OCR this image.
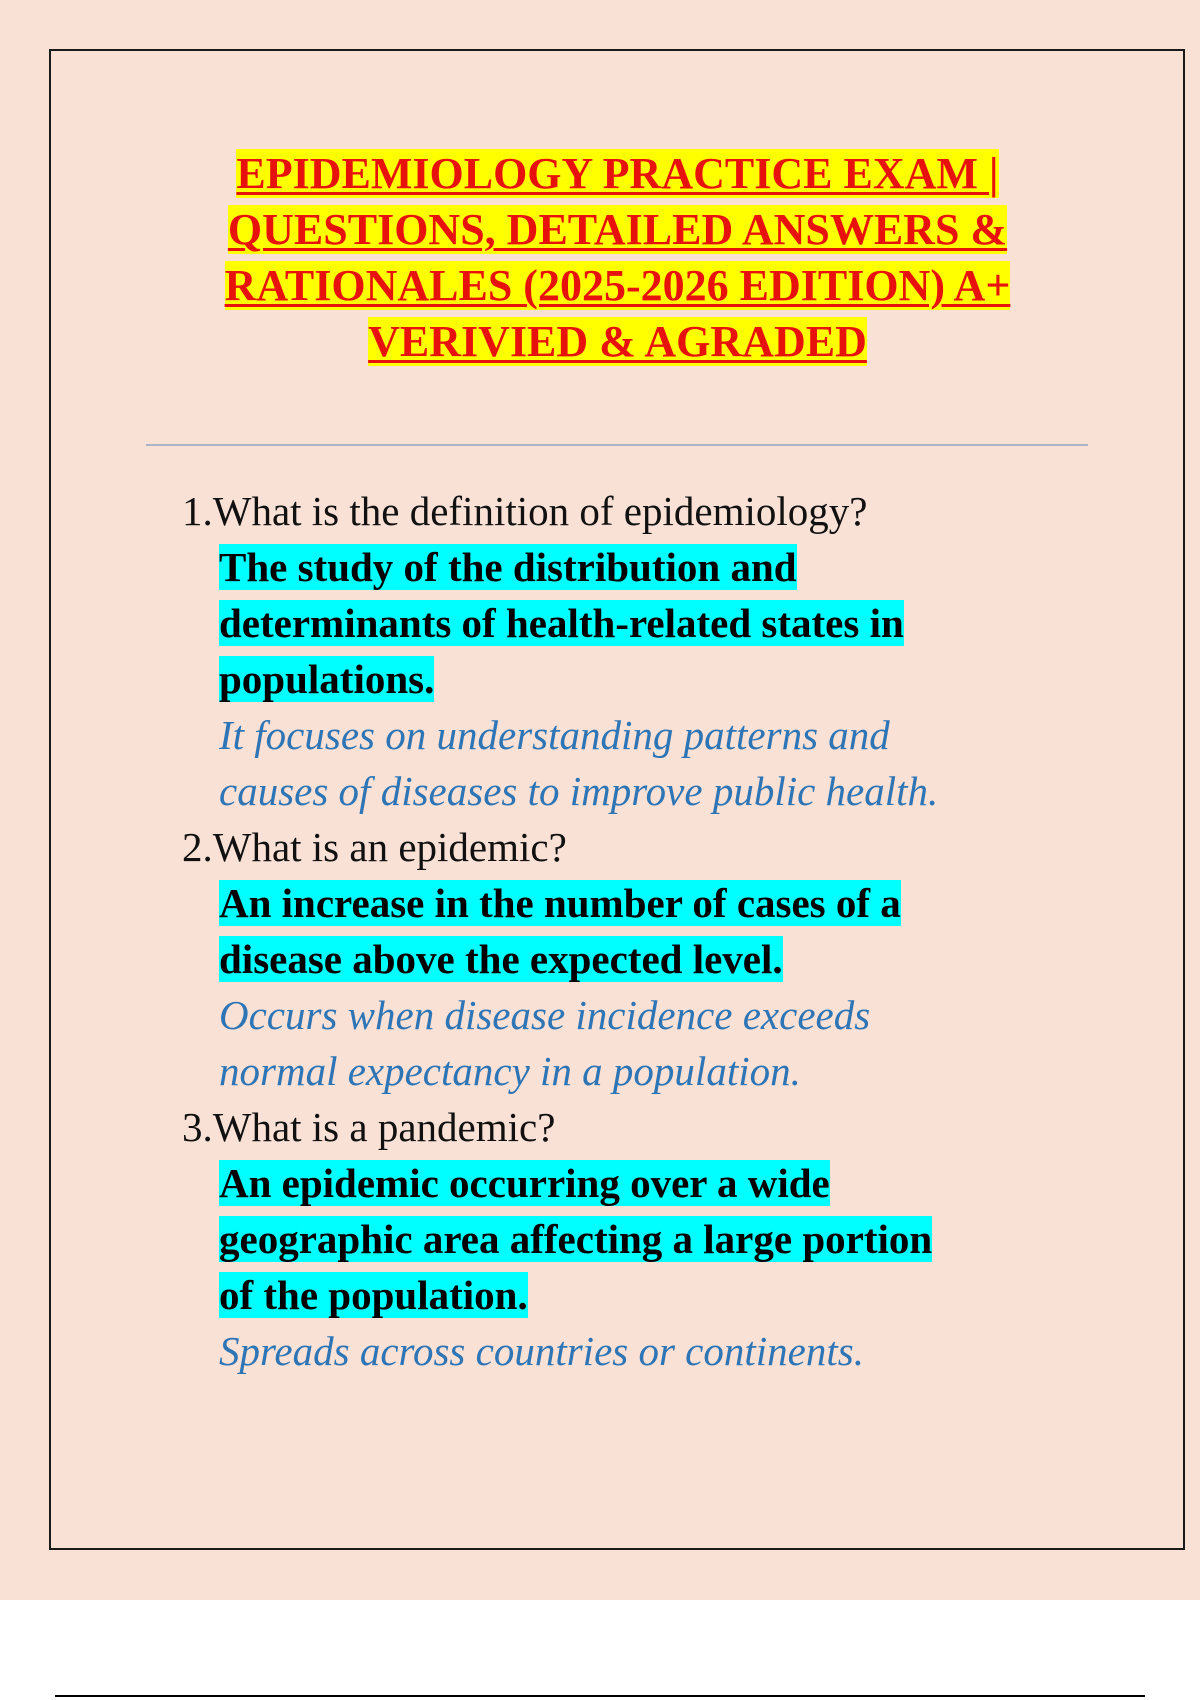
EPIDEMIOLOGY PRACTICE EXAM |
QUESTIONS, DETAILED ANSWERS &
RATIONALES (2025-2026 EDITION) A+
VERIVIED & AGRADED
1.What is the definition of epidemiology?
The study of the distribution and
determinants of health-related states in
populations.
It focuses on understanding patterns and
causes of diseases to improve public health.
2.What is an epidemic?
An increase in the number of cases of a
disease above the expected level.
Occurs when disease incidence exceeds
normal expectancy in a population.
3.What is a pandemic?
An epidemic occurring over a wide
geographic area affecting a large portion
of the population.
Spreads across countries or continents.
